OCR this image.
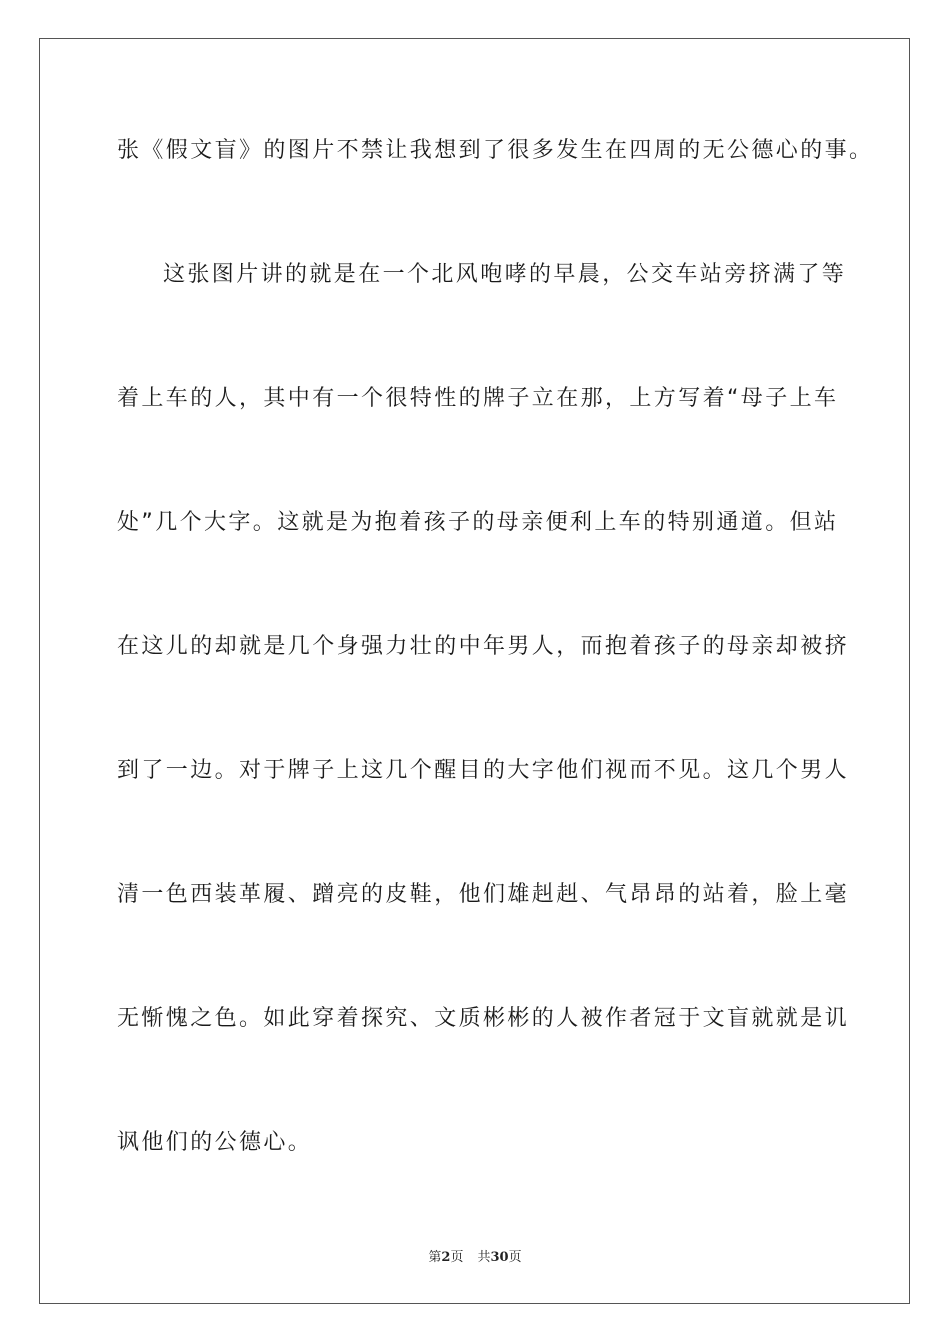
张《假文盲》的图片不禁让我想到了很多发生在四周的无公德心的事。
这张图片讲的就是在一个北风咆哮的早晨，公交车站旁挤满了等
着上车的人，其中有一个很特性的牌子立在那，上方写着“母子上车
处”几个大字。这就是为抱着孩子的母亲便利上车的特别通道。但站
在这儿的却就是几个身强力壮的中年男人，而抱着孩子的母亲却被挤
到了一边。对于牌子上这几个醒目的大字他们视而不见。这几个男人
清一色西装革履、蹭亮的皮鞋，他们雄赳赳、气昂昂的站着，脸上毫
无惭愧之色。如此穿着探究、文质彬彬的人被作者冠于文盲就就是讥
讽他们的公德心。
第2页 共30页
